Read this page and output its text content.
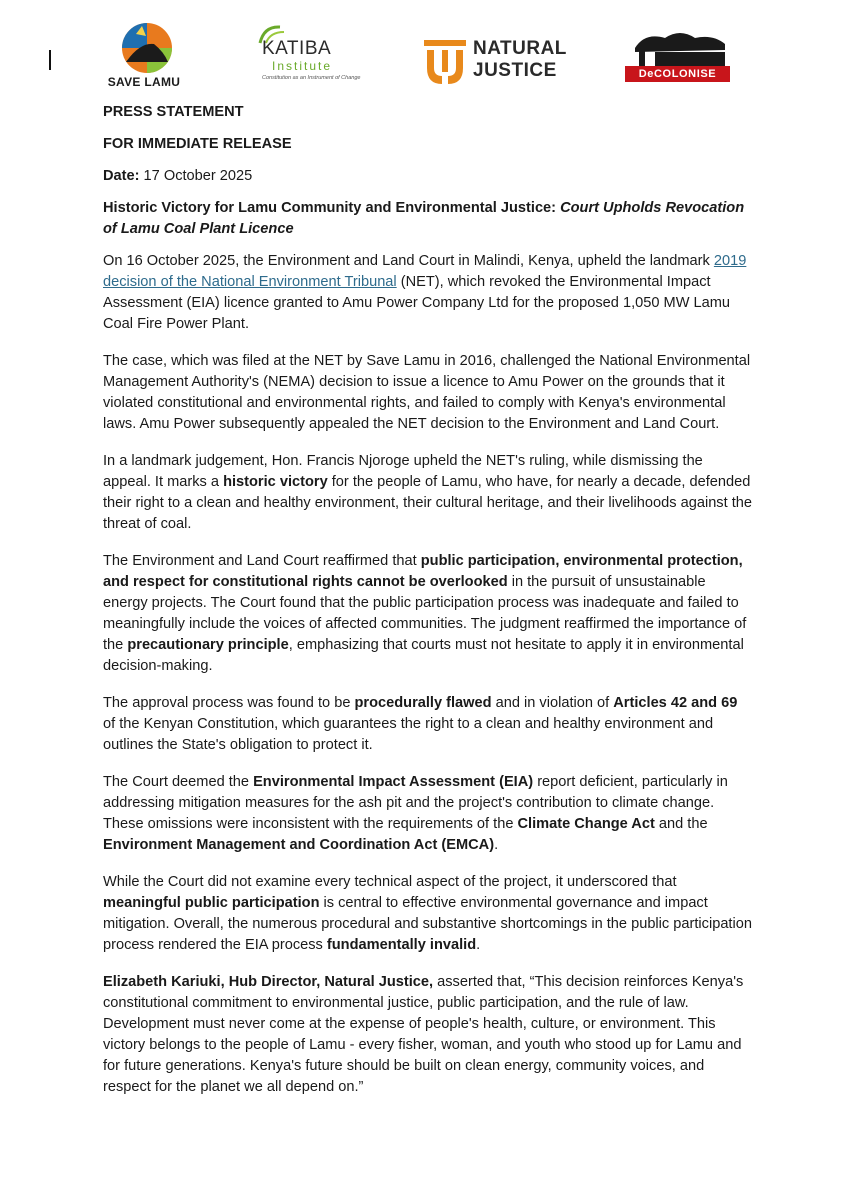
SAVE LAMU
KATIBA
Institute
Constitution as an Instrument of Change
NATURAL
JUSTICE	DeCOLONISE

PRESS STATEMENT

FOR IMMEDIATE RELEASE

Date: 17 October 2025

Historic Victory for Lamu Community and Environmental Justice: Court Upholds Revocation of Lamu Coal Plant Licence

On 16 October 2025, the Environment and Land Court in Malindi, Kenya, upheld the landmark 2019 decision of the National Environment Tribunal (NET), which revoked the Environmental Impact Assessment (EIA) licence granted to Amu Power Company Ltd for the proposed 1,050 MW Lamu Coal Fire Power Plant.

The case, which was filed at the NET by Save Lamu in 2016, challenged the National Environmental Management Authority's (NEMA) decision to issue a licence to Amu Power on the grounds that it violated constitutional and environmental rights, and failed to comply with Kenya's environmental laws. Amu Power subsequently appealed the NET decision to the Environment and Land Court.

In a landmark judgement, Hon. Francis Njoroge upheld the NET's ruling, while dismissing the appeal. It marks a historic victory for the people of Lamu, who have, for nearly a decade, defended their right to a clean and healthy environment, their cultural heritage, and their livelihoods against the threat of coal.

The Environment and Land Court reaffirmed that public participation, environmental protection, and respect for constitutional rights cannot be overlooked in the pursuit of unsustainable energy projects. The Court found that the public participation process was inadequate and failed to meaningfully include the voices of affected communities. The judgment reaffirmed the importance of the precautionary principle, emphasizing that courts must not hesitate to apply it in environmental decision-making.

The approval process was found to be procedurally flawed and in violation of Articles 42 and 69 of the Kenyan Constitution, which guarantees the right to a clean and healthy environment and outlines the State's obligation to protect it.

The Court deemed the Environmental Impact Assessment (EIA) report deficient, particularly in addressing mitigation measures for the ash pit and the project's contribution to climate change. These omissions were inconsistent with the requirements of the Climate Change Act and the Environment Management and Coordination Act (EMCA).

While the Court did not examine every technical aspect of the project, it underscored that meaningful public participation is central to effective environmental governance and impact mitigation. Overall, the numerous procedural and substantive shortcomings in the public participation process rendered the EIA process fundamentally invalid.

Elizabeth Kariuki, Hub Director, Natural Justice, asserted that, “This decision reinforces Kenya's constitutional commitment to environmental justice, public participation, and the rule of law. Development must never come at the expense of people's health, culture, or environment. This victory belongs to the people of Lamu - every fisher, woman, and youth who stood up for Lamu and for future generations. Kenya's future should be built on clean energy, community voices, and respect for the planet we all depend on.”
